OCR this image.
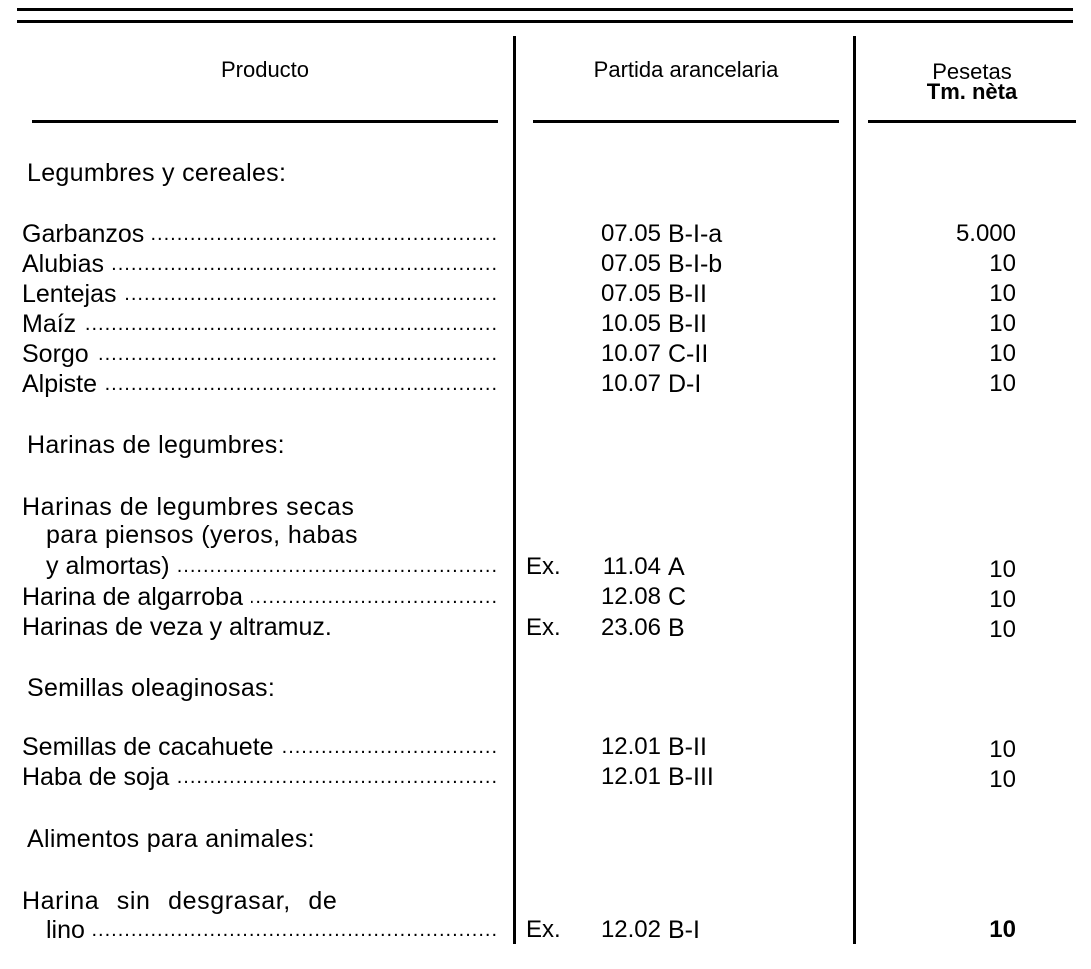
Producto	Partida arancelaria	Pesetas
Tm. nèta
Legumbres y cereales:
Garbanzos .....	07.05 B-I-a	5.000
Alubias .....	07.05 B-I-b	10
Lentejas .....	07.05 B-II	10
Maíz .....	10.05 B-II	10
Sorgo .....	10.07 C-II	10
Alpiste .....	10.07 D-I	10
Harinas de legumbres:
Harinas de legumbres secas
para piensos (yeros, habas
y almortas) .....	Ex.	11.04 A	10
Harina de algarroba .....	12.08 C	10
Harinas de veza y altramuz.	Ex.	23.06 B	10
Semillas oleaginosas:
Semillas de cacahuete .....	12.01 B-II	10
Haba de soja .....	12.01 B-III	10
Alimentos para animales:
Harina sin desgrasar, de
lino .....	Ex.	12.02 B-I	10
